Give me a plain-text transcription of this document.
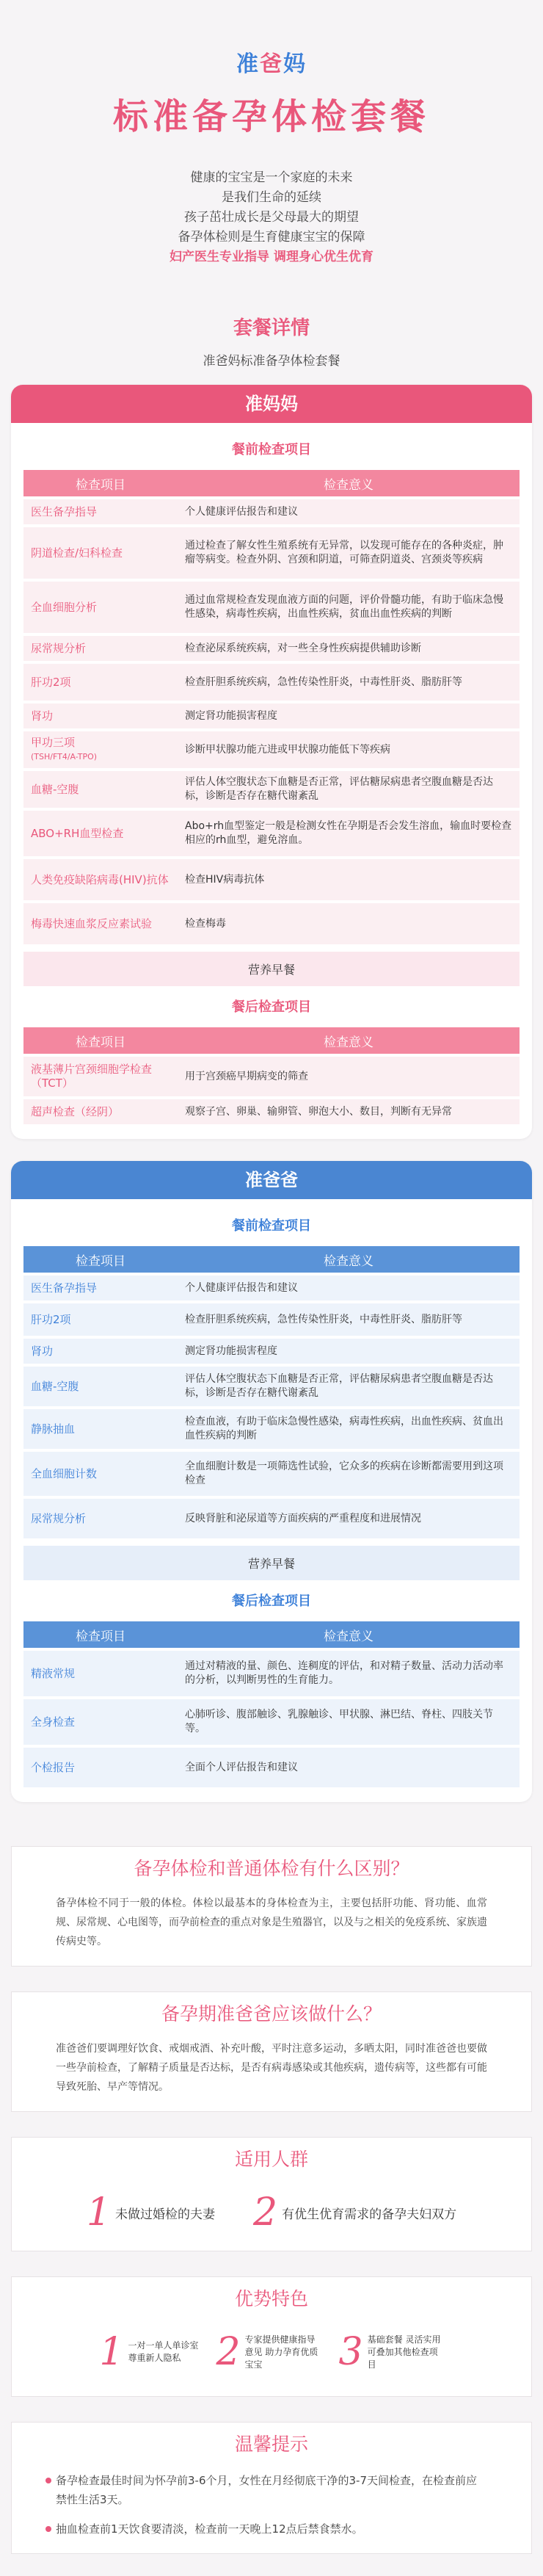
准爸妈
标准备孕体检套餐
健康的宝宝是一个家庭的未来
是我们生命的延续
孩子茁壮成长是父母最大的期望
备孕体检则是生育健康宝宝的保障
妇产医生专业指导 调理身心优生优育
套餐详情
准爸妈标准备孕体检套餐
准妈妈
餐前检查项目
检查项目	检查意义
医生备孕指导	个人健康评估报告和建议
阴道检查/妇科检查	通过检查了解女性生殖系统有无异常，以发现可能存在的各种炎症，肿瘤等病变。检查外阴、宫颈和阴道，可筛查阴道炎、宫颈炎等疾病
全血细胞分析	通过血常规检查发现血液方面的问题，评价骨髓功能，有助于临床急慢性感染，病毒性疾病，出血性疾病，贫血出血性疾病的判断
尿常规分析	检查泌尿系统疾病，对一些全身性疾病提供辅助诊断
肝功2项	检查肝胆系统疾病，急性传染性肝炎，中毒性肝炎、脂肪肝等
肾功	测定肾功能损害程度

甲功三项
(TSH/FT4/A-TPO)	诊断甲状腺功能亢进或甲状腺功能低下等疾病
血糖-空腹	评估人体空腹状态下血糖是否正常，评估糖尿病患者空腹血糖是否达标，诊断是否存在糖代谢紊乱
ABO+RH血型检查	Abo+rh血型鉴定一般是检测女性在孕期是否会发生溶血，输血时要检查相应的rh血型，避免溶血。
人类免疫缺陷病毒(HIV)抗体	检查HIV病毒抗体
梅毒快速血浆反应素试验	检查梅毒
营养早餐
餐后检查项目
检查项目	检查意义
液基薄片宫颈细胞学检查（TCT）	用于宫颈癌早期病变的筛查
超声检查（经阴）	观察子宫、卵巢、输卵管、卵泡大小、数目，判断有无异常
准爸爸
餐前检查项目
检查项目	检查意义
医生备孕指导	个人健康评估报告和建议
肝功2项	检查肝胆系统疾病，急性传染性肝炎，中毒性肝炎、脂肪肝等
肾功	测定肾功能损害程度
血糖-空腹	评估人体空腹状态下血糖是否正常，评估糖尿病患者空腹血糖是否达标，诊断是否存在糖代谢紊乱
静脉抽血	检查血液，有助于临床急慢性感染，病毒性疾病，出血性疾病、贫血出血性疾病的判断
全血细胞计数	全血细胞计数是一项筛选性试验，它众多的疾病在诊断都需要用到这项检查
尿常规分析	反映肾脏和泌尿道等方面疾病的严重程度和进展情况
营养早餐
餐后检查项目
检查项目	检查意义
精液常规	通过对精液的量、颜色、连稠度的评估，和对精子数量、活动力活动率的分析，以判断男性的生育能力。
全身检查	心肺听诊、腹部触诊、乳腺触诊、甲状腺、淋巴结、脊柱、四肢关节等。
个检报告	全面个人评估报告和建议
备孕体检和普通体检有什么区别？
备孕体检不同于一般的体检。体检以最基本的身体检查为主，主要包括肝功能、肾功能、血常规、尿常规、心电图等，而孕前检查的重点对象是生殖器官，以及与之相关的免疫系统、家族遗传病史等。
备孕期准爸爸应该做什么？
准爸爸们要调理好饮食、戒烟戒酒、补充叶酸，平时注意多运动，多晒太阳，同时准爸爸也要做一些孕前检查，了解精子质量是否达标，是否有病毒感染或其他疾病，遗传病等，这些都有可能导致死胎、早产等情况。
适用人群
1 未做过婚检的夫妻 2 有优生优育需求的备孕夫妇双方
优势特色
1 一对一单人单诊室 尊重新人隐私 2 专家提供健康指导意见 助力孕育优质宝宝	3 基础套餐 灵活实用 可叠加其他检查项目
温馨提示
备孕检查最佳时间为怀孕前3-6个月，女性在月经彻底干净的3-7天间检查，在检查前应禁性生活3天。
抽血检查前1天饮食要清淡，检查前一天晚上12点后禁食禁水。
